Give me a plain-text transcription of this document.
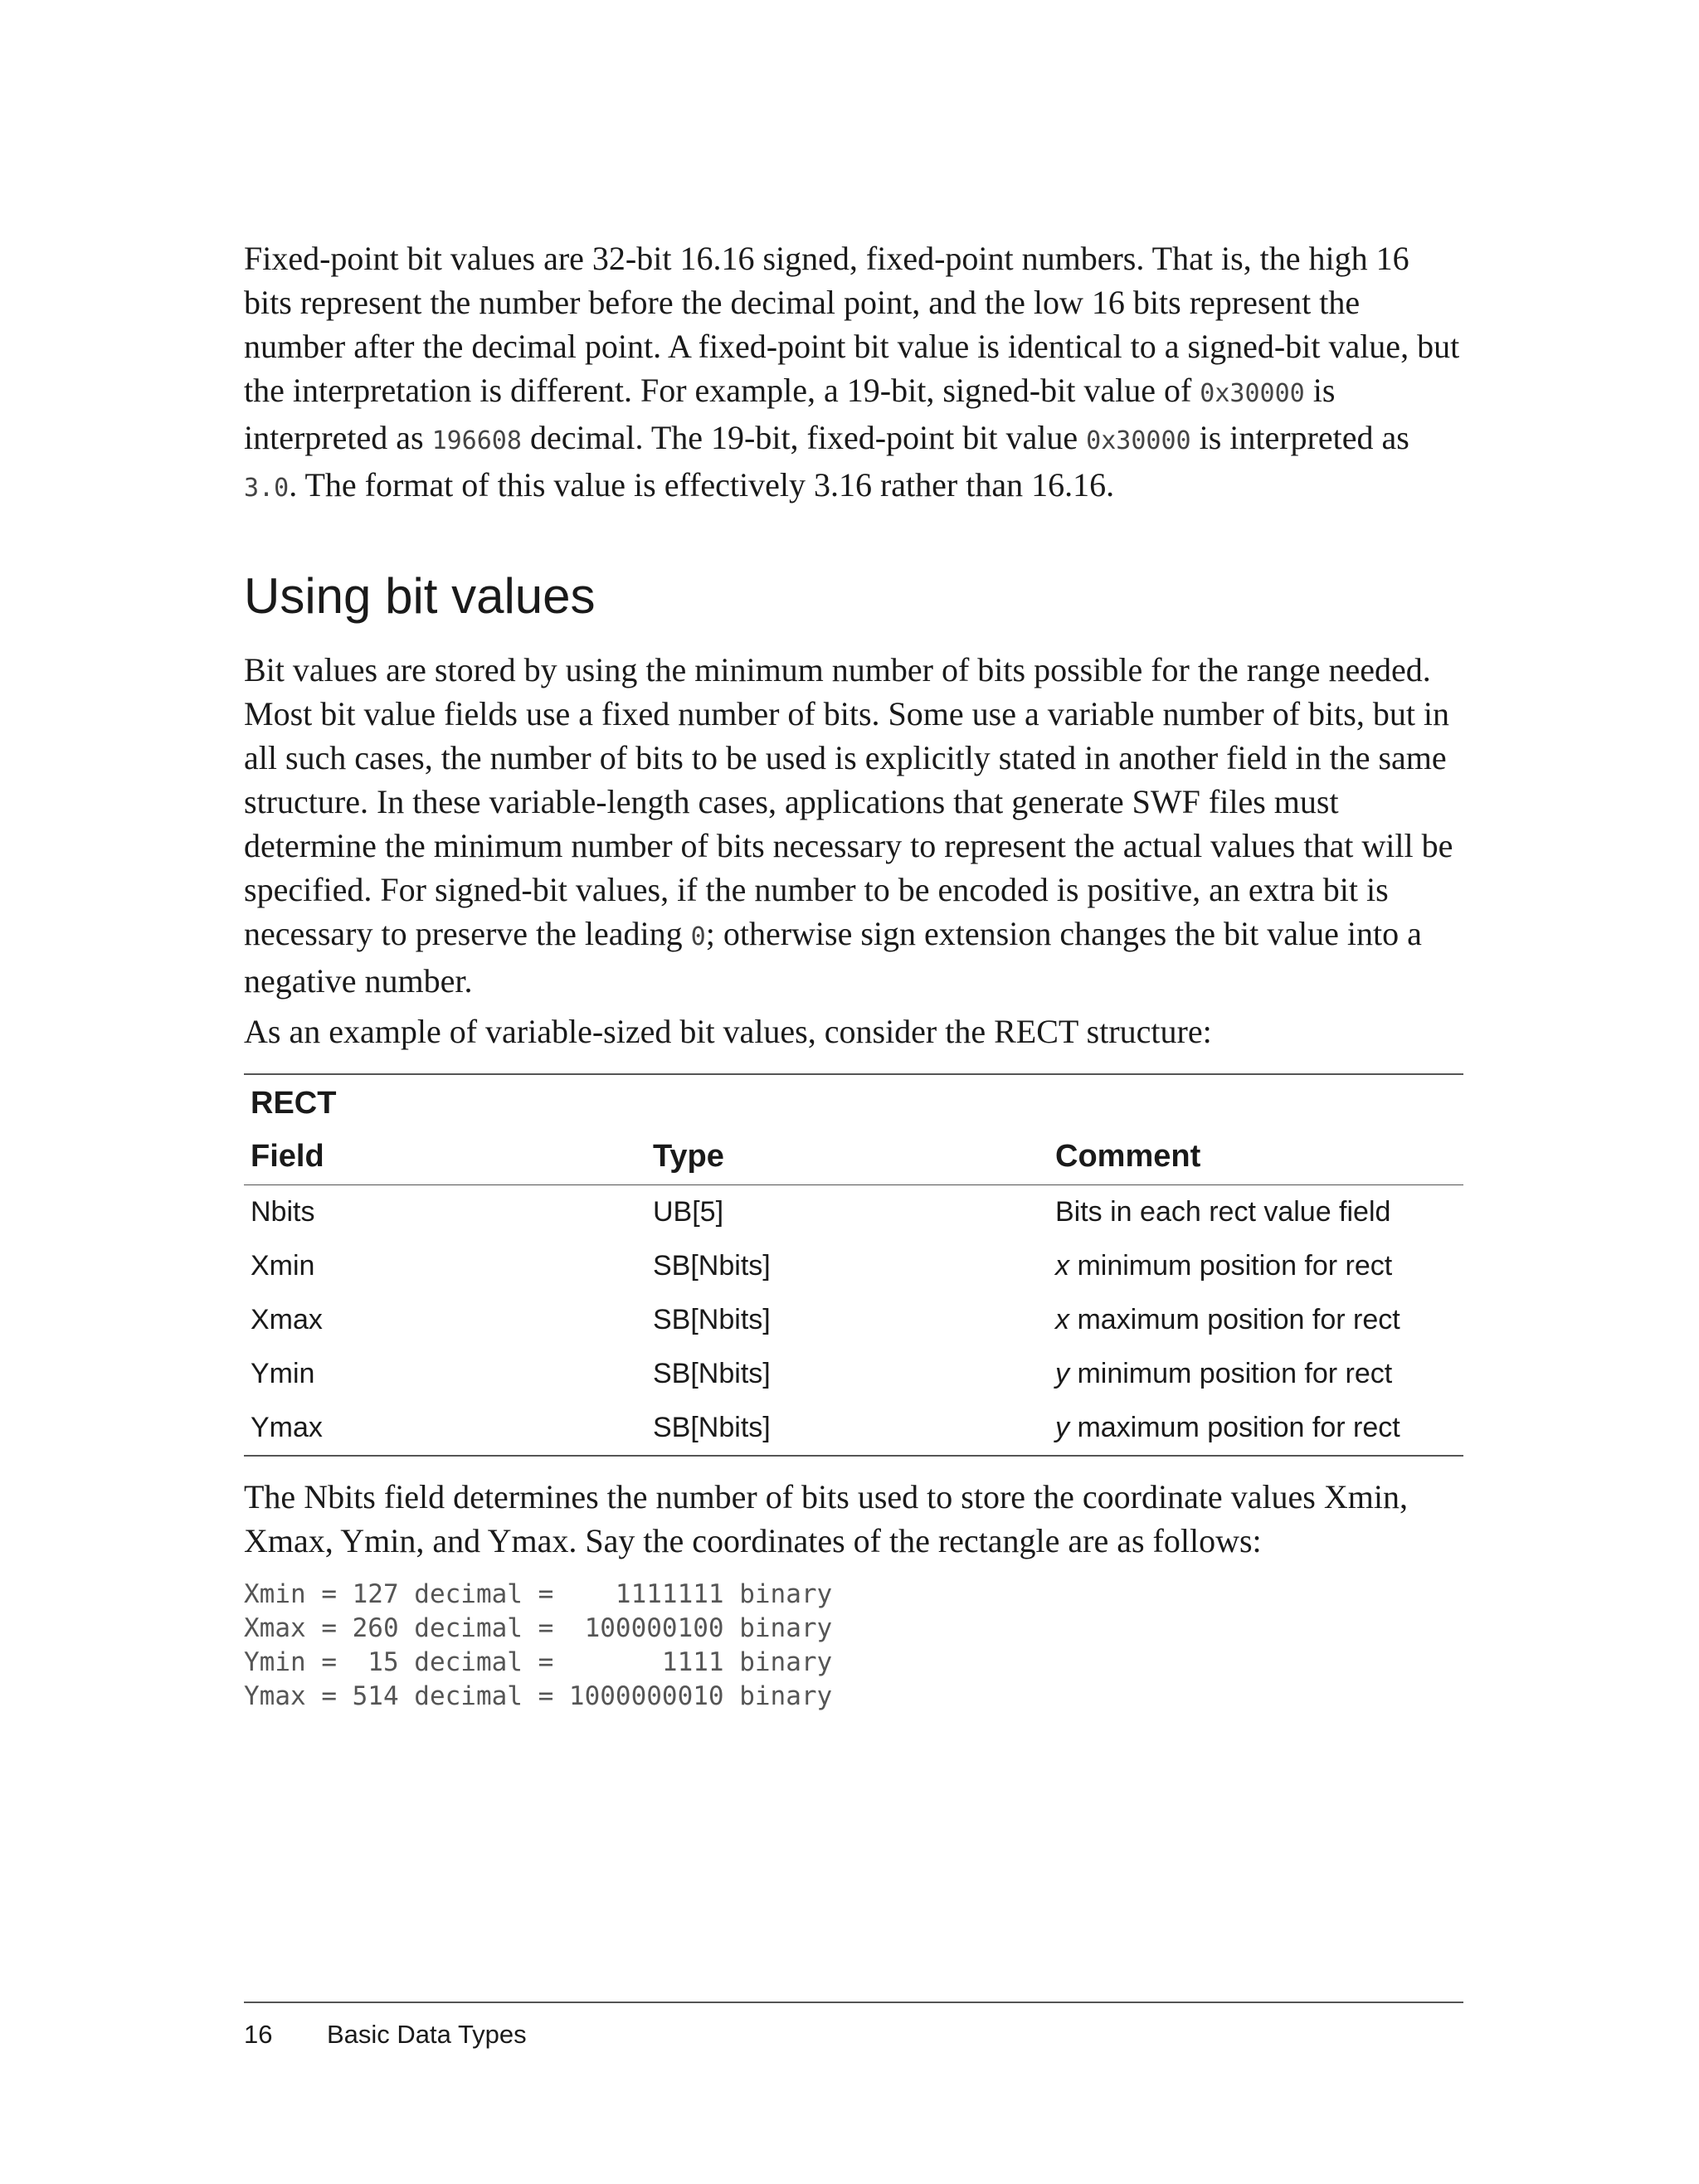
Fixed-point bit values are 32-bit 16.16 signed, fixed-point numbers. That is, the high 16 bits represent the number before the decimal point, and the low 16 bits represent the number after the decimal point. A fixed-point bit value is identical to a signed-bit value, but the interpretation is different. For example, a 19-bit, signed-bit value of 0x30000 is interpreted as 196608 decimal. The 19-bit, fixed-point bit value 0x30000 is interpreted as 3.0. The format of this value is effectively 3.16 rather than 16.16.

Using bit values

Bit values are stored by using the minimum number of bits possible for the range needed. Most bit value fields use a fixed number of bits. Some use a variable number of bits, but in all such cases, the number of bits to be used is explicitly stated in another field in the same structure. In these variable-length cases, applications that generate SWF files must determine the minimum number of bits necessary to represent the actual values that will be specified. For signed-bit values, if the number to be encoded is positive, an extra bit is necessary to preserve the leading 0; otherwise sign extension changes the bit value into a negative number.

As an example of variable-sized bit values, consider the RECT structure:

RECT
Field	Type	Comment
Nbits	UB[5]	Bits in each rect value field
Xmin	SB[Nbits]	x minimum position for rect
Xmax	SB[Nbits]	x maximum position for rect
Ymin	SB[Nbits]	y minimum position for rect
Ymax	SB[Nbits]	y maximum position for rect

The Nbits field determines the number of bits used to store the coordinate values Xmin, Xmax, Ymin, and Ymax. Say the coordinates of the rectangle are as follows:

Xmin = 127 decimal =    1111111 binary
Xmax = 260 decimal =  100000100 binary
Ymin =  15 decimal =       1111 binary
Ymax = 514 decimal = 1000000010 binary
16	Basic Data Types
